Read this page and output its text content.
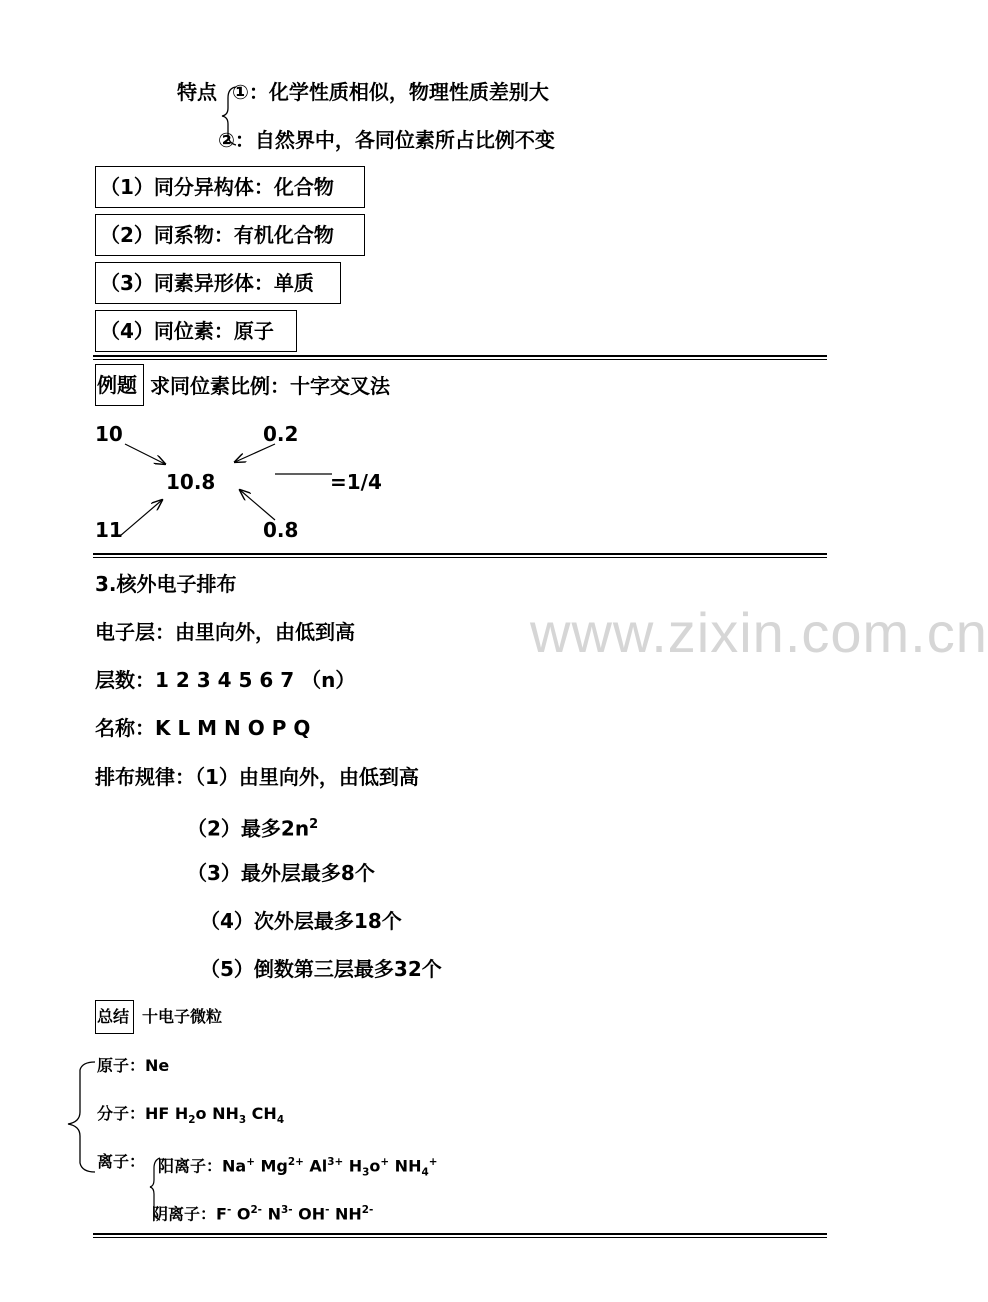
www.zixin.com.cn
特点 ①：化学性质相似，物理性质差别大
②：自然界中，各同位素所占比例不变
（1）同分异构体：化合物
（2）同系物：有机化合物
（3）同素异形体：单质
（4）同位素：原子
例题 求同位素比例：十字交叉法
10	0.2
10.8	=1/4
11	0.8
3.核外电子排布
电子层：由里向外，由低到高
层数：1 2 3 4 5 6 7 （n）
名称：K L M N O P Q
排布规律：（1）由里向外，由低到高
（2）最多$2n^2$
（3）最外层最多8个
（4）次外层最多18个
（5）倒数第三层最多32个
总结 十电子微粒
原子：Ne
分子：HF $H_2o$ $NH_3$ $CH_4$
离子： 阳离子：Na+ $Mg^{2+}$ $Al^{3+}$ $H_3o^+$ $NH_4^+$
阴离子：F- $O^{2-}$ $N^{3-}$ OH- $NH^{2-}$
